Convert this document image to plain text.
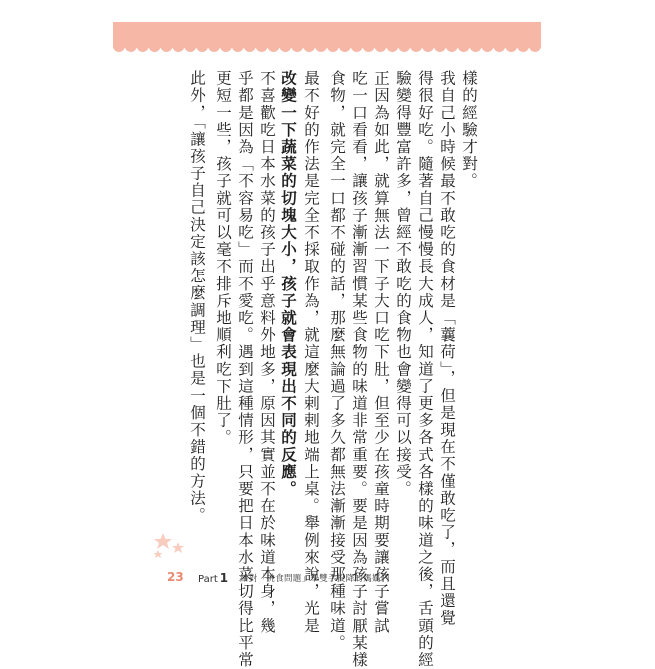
樣的經驗才對。
我自己小時候最不敢吃的食材是「蘘荷」，但是現在不僅敢吃了，而且還覺
得很好吃。隨著自己慢慢長大成人，知道了更多各式各樣的味道之後，舌頭的經
驗變得豐富許多，曾經不敢吃的食物也會變得可以接受。
正因為如此，就算無法一下子大口吃下肚，但至少在孩童時期要讓孩子嘗試
吃一口看看，讓孩子漸漸習慣某些食物的味道非常重要。要是因為孩子討厭某樣
食物，就完全一口都不碰的話，那麼無論過了多久都無法漸漸接受那種味道。
最不好的作法是完全不採取作為，就這麼大剌剌地端上桌。舉例來說，光是
改變一下蔬菜的切塊大小，孩子就會表現出不同的反應。
不喜歡吃日本水菜的孩子出乎意料外地多，原因其實並不在於味道本身，幾
乎都是因為「不容易吃」而不愛吃。遇到這種情形，只要把日本水菜切得比平常
更短一些，孩子就可以毫不排斥地順利吃下肚了。
此外，「讓孩子自己決定該怎麼調理」也是一個不錯的方法。
23 Part 1	給對「挑食問題」舉雙手投降的媽媽們
